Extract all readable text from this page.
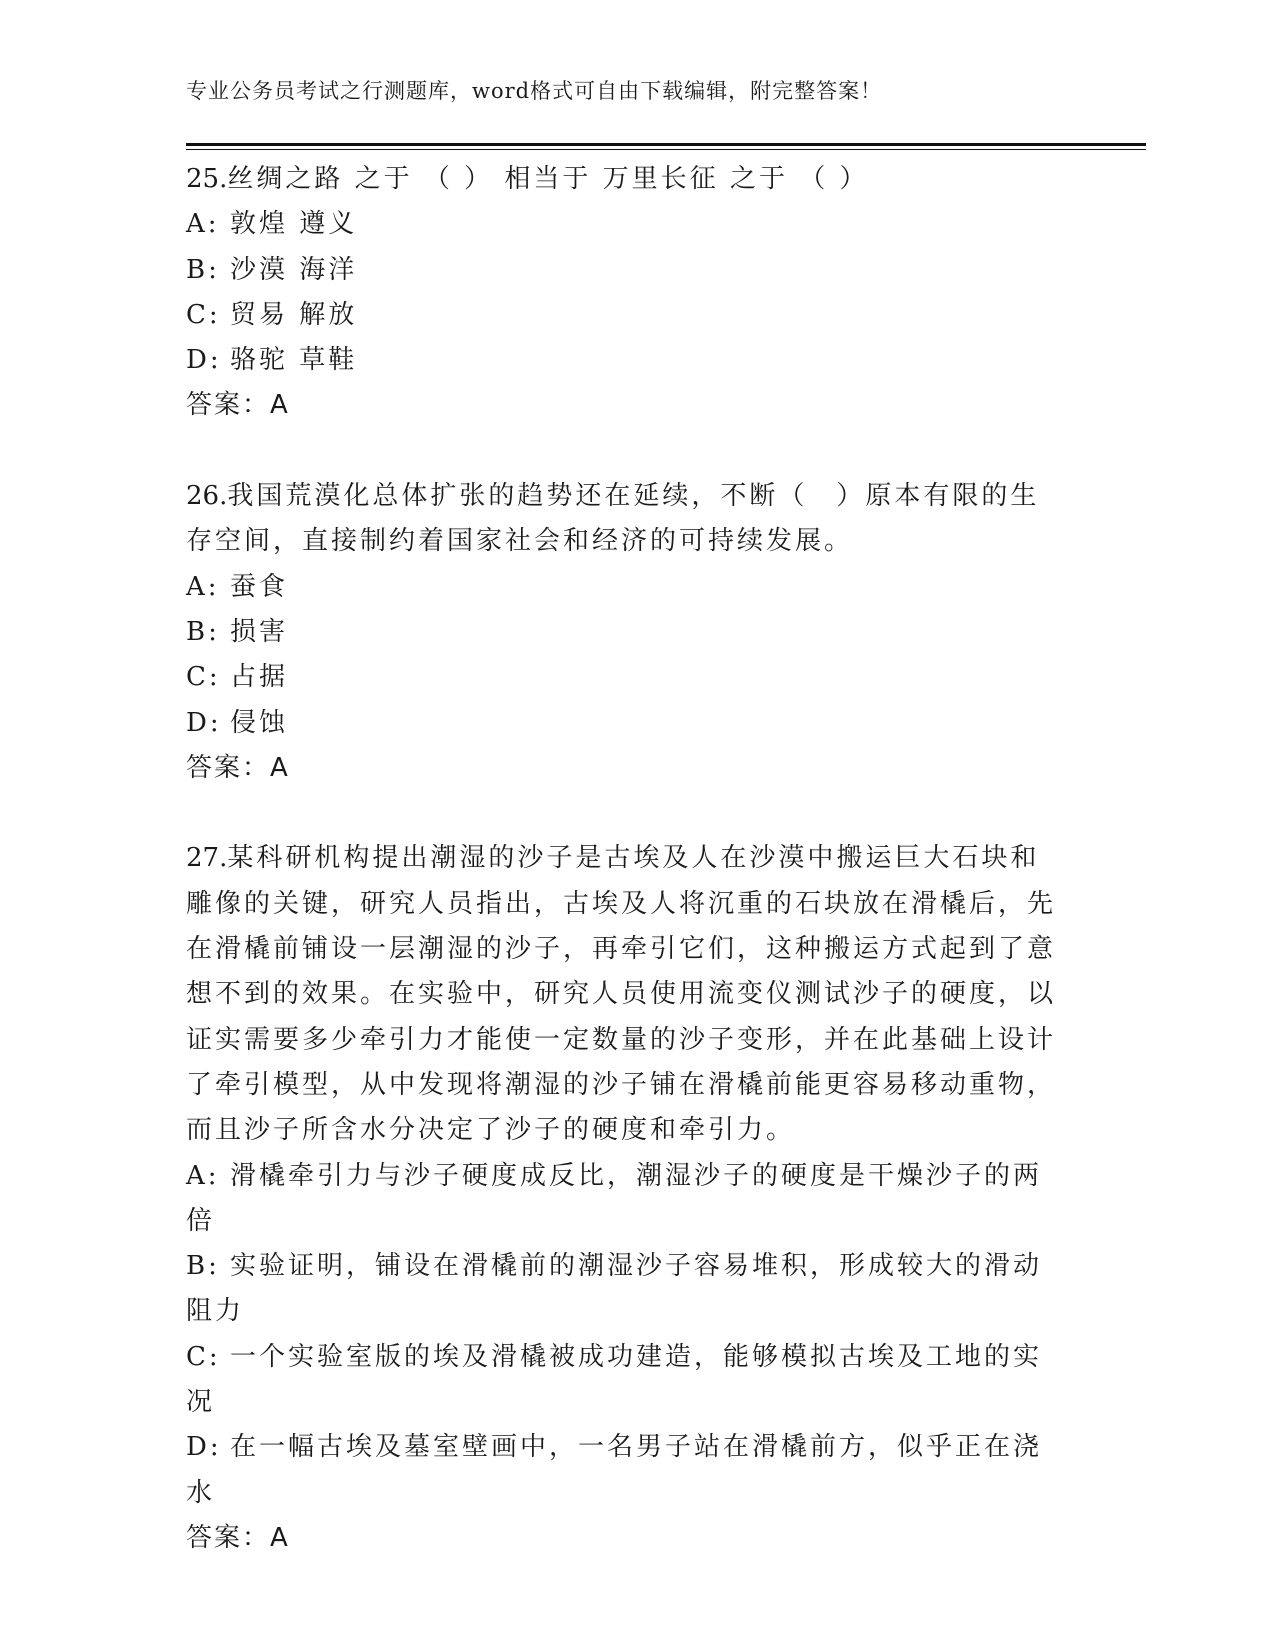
专业公务员考试之行测题库，word格式可自由下载编辑，附完整答案！
25.丝绸之路 之于 （ ） 相当于 万里长征 之于 （ ）
A: 敦煌 遵义
B: 沙漠 海洋
C: 贸易 解放
D: 骆驼 草鞋
答案：A
26.我国荒漠化总体扩张的趋势还在延续，不断（　）原本有限的生存空间，直接制约着国家社会和经济的可持续发展。
A: 蚕食
B: 损害
C: 占据
D: 侵蚀
答案：A
27.某科研机构提出潮湿的沙子是古埃及人在沙漠中搬运巨大石块和雕像的关键，研究人员指出，古埃及人将沉重的石块放在滑橇后，先在滑橇前铺设一层潮湿的沙子，再牵引它们，这种搬运方式起到了意想不到的效果。在实验中，研究人员使用流变仪测试沙子的硬度，以证实需要多少牵引力才能使一定数量的沙子变形，并在此基础上设计了牵引模型，从中发现将潮湿的沙子铺在滑橇前能更容易移动重物，而且沙子所含水分决定了沙子的硬度和牵引力。
A: 滑橇牵引力与沙子硬度成反比，潮湿沙子的硬度是干燥沙子的两倍
B: 实验证明，铺设在滑橇前的潮湿沙子容易堆积，形成较大的滑动阻力
C: 一个实验室版的埃及滑橇被成功建造，能够模拟古埃及工地的实况
D: 在一幅古埃及墓室壁画中，一名男子站在滑橇前方，似乎正在浇水
答案：A
